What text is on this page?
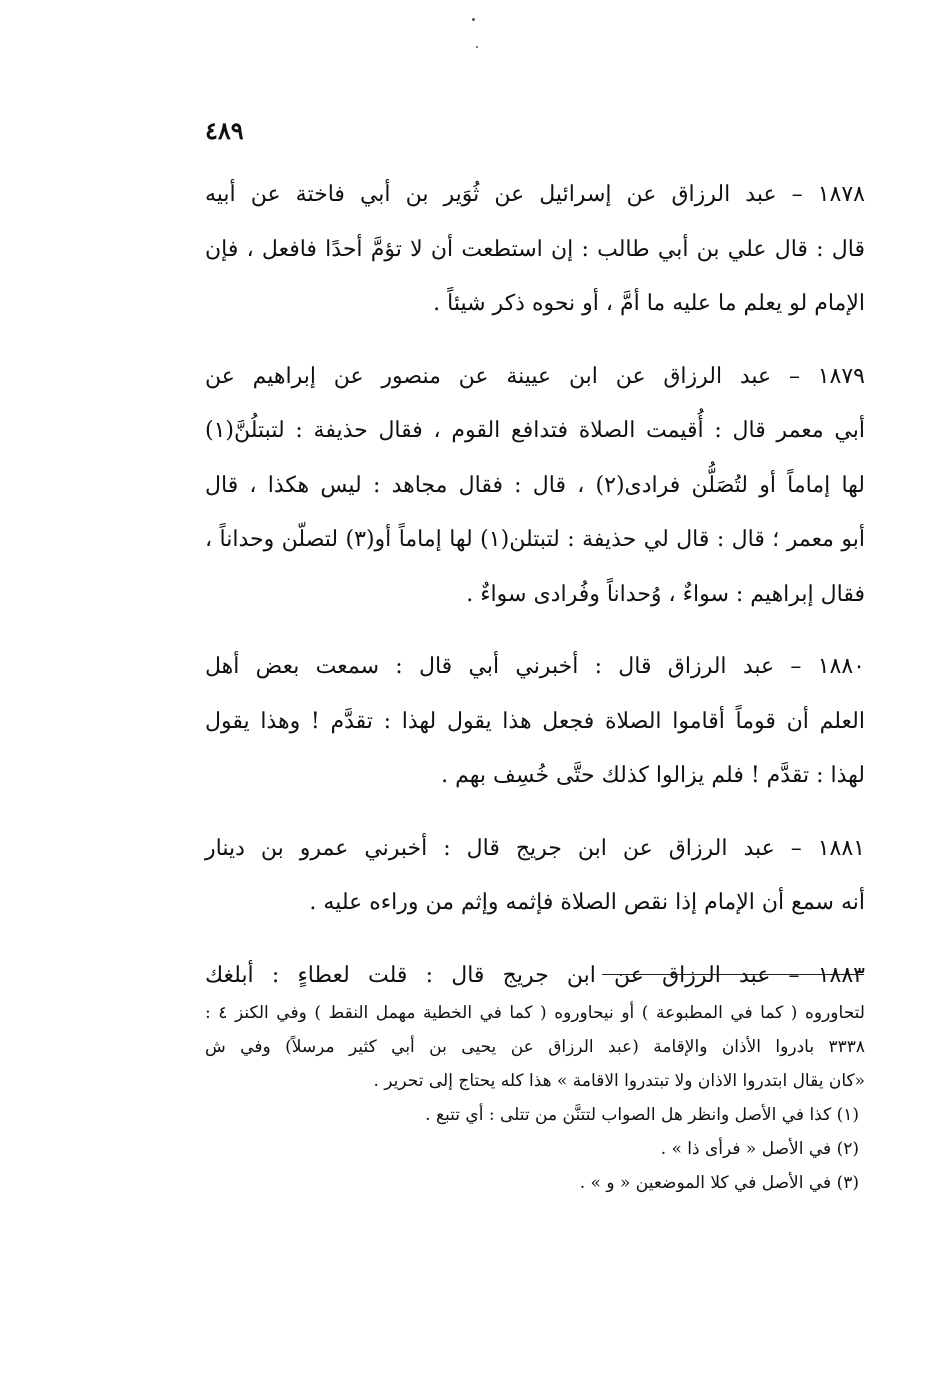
٤٨٩

١٨٧٨ – عبد الرزاق عن إسرائيل عن ثُوَير بن أبي فاختة عن أبيه
قال : قال علي بن أبي طالب : إن استطعت أن لا تؤمَّ أحدًا فافعل ، فإن
الإمام لو يعلم ما عليه ما أمَّ ، أو نحوه ذكر شيئاً .

١٨٧٩ – عبد الرزاق عن ابن عيينة عن منصور عن إبراهيم عن
أبي معمر قال : أُقيمت الصلاة فتدافع القوم ، فقال حذيفة : لتبتلُنَّ(١)
لها إماماً أو لتُصَلُّن فرادى(٢) ، قال : فقال مجاهد : ليس هكذا ، قال
أبو معمر ؛ قال : قال لي حذيفة : لتبتلن(١) لها إماماً أو(٣) لتصلّن وحداناً ،
فقال إبراهيم : سواءٌ ، وُحداناً وفُرادى سواءٌ .

١٨٨٠ – عبد الرزاق قال : أخبرني أبي قال : سمعت بعض أهل
العلم أن قوماً أقاموا الصلاة فجعل هذا يقول لهذا : تقدَّم ! وهذا يقول
لهذا : تقدَّم ! فلم يزالوا كذلك حتَّى خُسِف بهم .

١٨٨١ – عبد الرزاق عن ابن جريج قال : أخبرني عمرو بن دينار
أنه سمع أن الإمام إذا نقص الصلاة فإثمه وإثم من وراءه عليه .

١٨٨٣ – عبد الرزاق عن ابن جريج قال : قلت لعطاءٍ : أبلغك

لتحاوروه ( كما في المطبوعة ) أو نيحاوروه ( كما في الخطية مهمل النقط ) وفي الكنز ٤ :
٣٣٣٨ بادروا الأذان والإقامة (عبد الرزاق عن يحيى بن أبي كثير مرسلاً) وفي ش
«كان يقال ابتدروا الاذان ولا تبتدروا الاقامة » هذا كله يحتاج إلى تحرير .
(١) كذا في الأصل وانظر هل الصواب لتتنَّن من تتلى : أي تتبع .
(٢) في الأصل « فرأى ذا » .
(٣) في الأصل في كلا الموضعين « و » .
